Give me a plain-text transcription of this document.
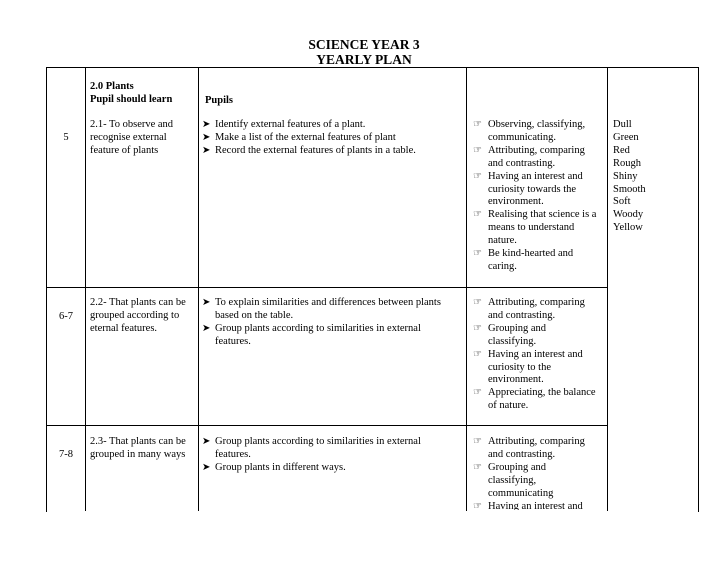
SCIENCE YEAR 3
YEARLY PLAN
2.0 Plants
Pupil should learn	Pupils
5
2.1- To observe and
recognise external
feature of plants
➤ Identify external features of a plant.
➤ Make a list of the external features of plant
➤ Record the external features of plants in a table.
☞ Observing, classifying,
communicating.
☞ Attributing, comparing
and contrasting.
☞ Having an interest and
curiosity towards the
environment.
☞ Realising that science is a
means to understand
nature.
☞ Be kind-hearted and
caring.
Dull
Green
Red
Rough
Shiny
Smooth
Soft
Woody
Yellow
6-7
2.2- That plants can be
grouped according to
eternal features.
➤ To explain similarities and differences between plants
based on the table.
➤ Group plants according to similarities in external
features.
☞ Attributing, comparing
and contrasting.
☞ Grouping and
classifying.
☞ Having an interest and
curiosity to the
environment.
☞ Appreciating, the balance
of nature.
7-8
2.3- That plants can be
grouped in many ways
➤ Group plants according to similarities in external
features.
➤ Group plants in different ways.
☞ Attributing, comparing
and contrasting.
☞ Grouping and
classifying,
communicating
☞ Having an interest and
